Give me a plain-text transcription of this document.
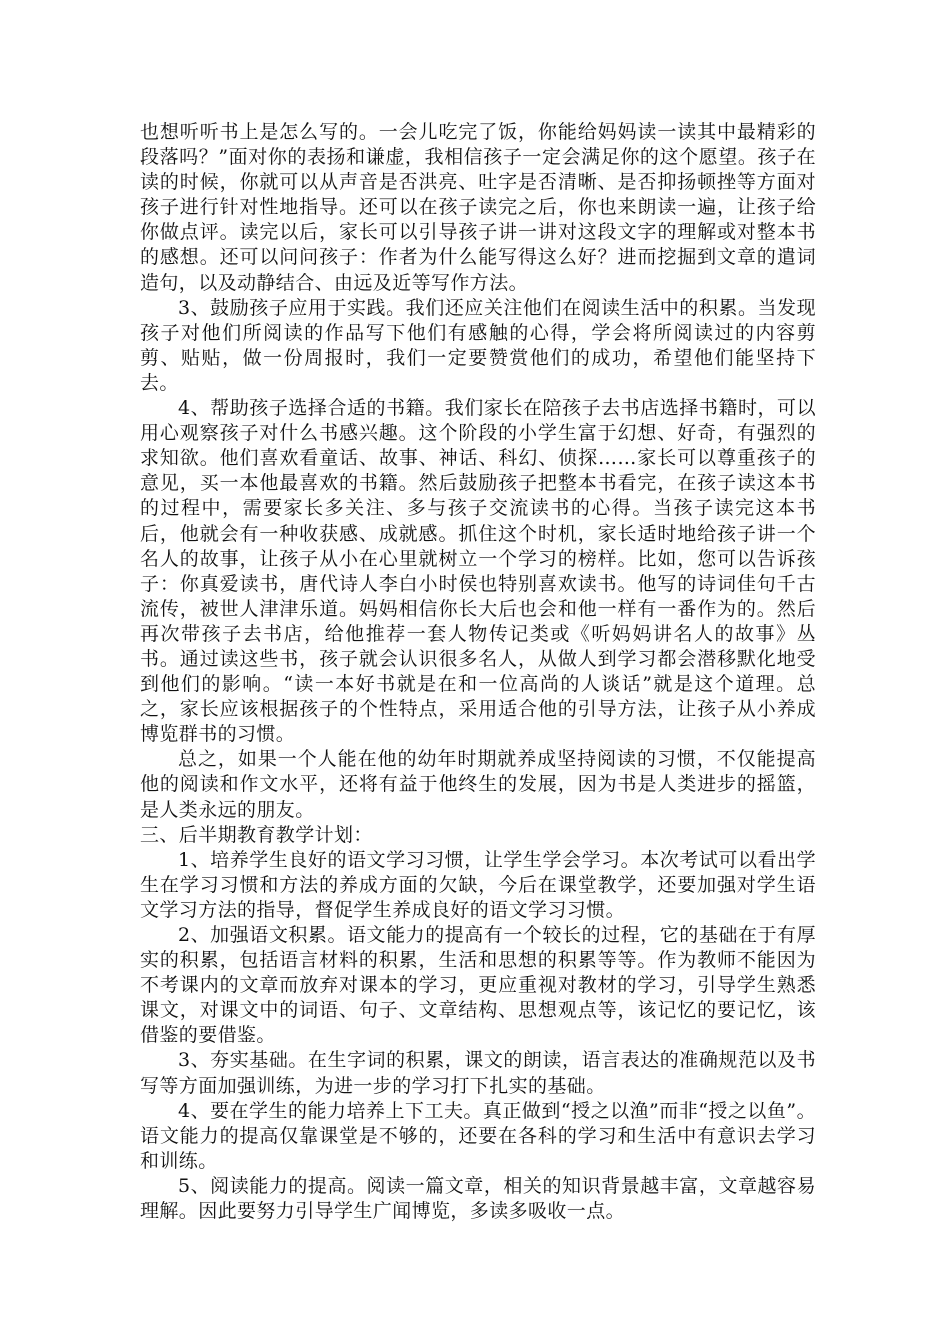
也想听听书上是怎么写的。一会儿吃完了饭，你能给妈妈读一读其中最精彩的段落吗？”面对你的表扬和谦虚，我相信孩子一定会满足你的这个愿望。孩子在读的时候，你就可以从声音是否洪亮、吐字是否清晰、是否抑扬顿挫等方面对孩子进行针对性地指导。还可以在孩子读完之后，你也来朗读一遍，让孩子给你做点评。读完以后，家长可以引导孩子讲一讲对这段文字的理解或对整本书的感想。还可以问问孩子：作者为什么能写得这么好？进而挖掘到文章的遣词造句，以及动静结合、由远及近等写作方法。

3、鼓励孩子应用于实践。我们还应关注他们在阅读生活中的积累。当发现孩子对他们所阅读的作品写下他们有感触的心得，学会将所阅读过的内容剪剪、贴贴，做一份周报时，我们一定要赞赏他们的成功，希望他们能坚持下去。

4、帮助孩子选择合适的书籍。我们家长在陪孩子去书店选择书籍时，可以用心观察孩子对什么书感兴趣。这个阶段的小学生富于幻想、好奇，有强烈的求知欲。他们喜欢看童话、故事、神话、科幻、侦探……家长可以尊重孩子的意见，买一本他最喜欢的书籍。然后鼓励孩子把整本书看完，在孩子读这本书的过程中，需要家长多关注、多与孩子交流读书的心得。当孩子读完这本书后，他就会有一种收获感、成就感。抓住这个时机，家长适时地给孩子讲一个名人的故事，让孩子从小在心里就树立一个学习的榜样。比如，您可以告诉孩子：你真爱读书，唐代诗人李白小时侯也特别喜欢读书。他写的诗词佳句千古流传，被世人津津乐道。妈妈相信你长大后也会和他一样有一番作为的。然后再次带孩子去书店，给他推荐一套人物传记类或《听妈妈讲名人的故事》丛书。通过读这些书，孩子就会认识很多名人，从做人到学习都会潜移默化地受到他们的影响。“读一本好书就是在和一位高尚的人谈话”就是这个道理。总之，家长应该根据孩子的个性特点，采用适合他的引导方法，让孩子从小养成博览群书的习惯。

总之，如果一个人能在他的幼年时期就养成坚持阅读的习惯，不仅能提高他的阅读和作文水平，还将有益于他终生的发展，因为书是人类进步的摇篮，是人类永远的朋友。

三、后半期教育教学计划：

1、培养学生良好的语文学习习惯，让学生学会学习。本次考试可以看出学生在学习习惯和方法的养成方面的欠缺，今后在课堂教学，还要加强对学生语文学习方法的指导，督促学生养成良好的语文学习习惯。

2、加强语文积累。语文能力的提高有一个较长的过程，它的基础在于有厚实的积累，包括语言材料的积累，生活和思想的积累等等。作为教师不能因为不考课内的文章而放弃对课本的学习，更应重视对教材的学习，引导学生熟悉课文，对课文中的词语、句子、文章结构、思想观点等，该记忆的要记忆，该借鉴的要借鉴。

3、夯实基础。在生字词的积累，课文的朗读，语言表达的准确规范以及书写等方面加强训练，为进一步的学习打下扎实的基础。

4、要在学生的能力培养上下工夫。真正做到“授之以渔”而非“授之以鱼”。语文能力的提高仅靠课堂是不够的，还要在各科的学习和生活中有意识去学习和训练。

5、阅读能力的提高。阅读一篇文章，相关的知识背景越丰富，文章越容易理解。因此要努力引导学生广闻博览，多读多吸收一点。
